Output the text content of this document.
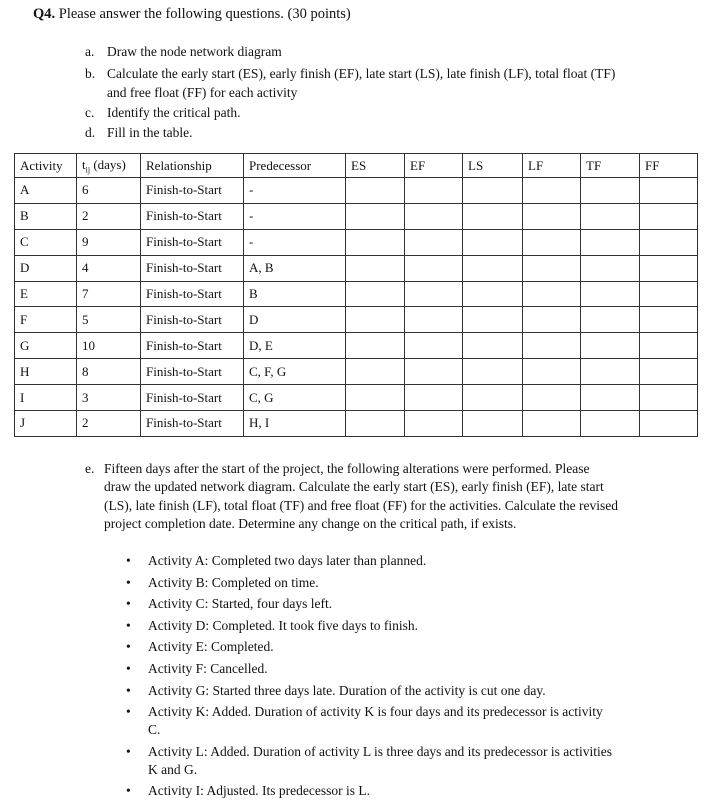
Q4. Please answer the following questions. (30 points)
a. Draw the node network diagram
b. Calculate the early start (ES), early finish (EF), late start (LS), late finish (LF), total float (TF) and free float (FF) for each activity
c. Identify the critical path.
d. Fill in the table.
Activity	$t_{ij}$ (days)	Relationship	Predecessor	ES	EF	LS	LF	TF	FF
A	6	Finish-to-Start	-						
B	2	Finish-to-Start	-						
C	9	Finish-to-Start	-						
D	4	Finish-to-Start	A, B						
E	7	Finish-to-Start	B						
F	5	Finish-to-Start	D						
G	10	Finish-to-Start	D, E						
H	8	Finish-to-Start	C, F, G						
I	3	Finish-to-Start	C, G						
J	2	Finish-to-Start	H, I						
e. Fifteen days after the start of the project, the following alterations were performed. Please draw the updated network diagram. Calculate the early start (ES), early finish (EF), late start (LS), late finish (LF), total float (TF) and free float (FF) for the activities. Calculate the revised project completion date. Determine any change on the critical path, if exists.
• Activity A: Completed two days later than planned.
• Activity B: Completed on time.
• Activity C: Started, four days left.
• Activity D: Completed. It took five days to finish.
• Activity E: Completed.
• Activity F: Cancelled.
• Activity G: Started three days late. Duration of the activity is cut one day.
• Activity K: Added. Duration of activity K is four days and its predecessor is activity C.
• Activity L: Added. Duration of activity L is three days and its predecessor is activities K and G.
• Activity I: Adjusted. Its predecessor is L.
